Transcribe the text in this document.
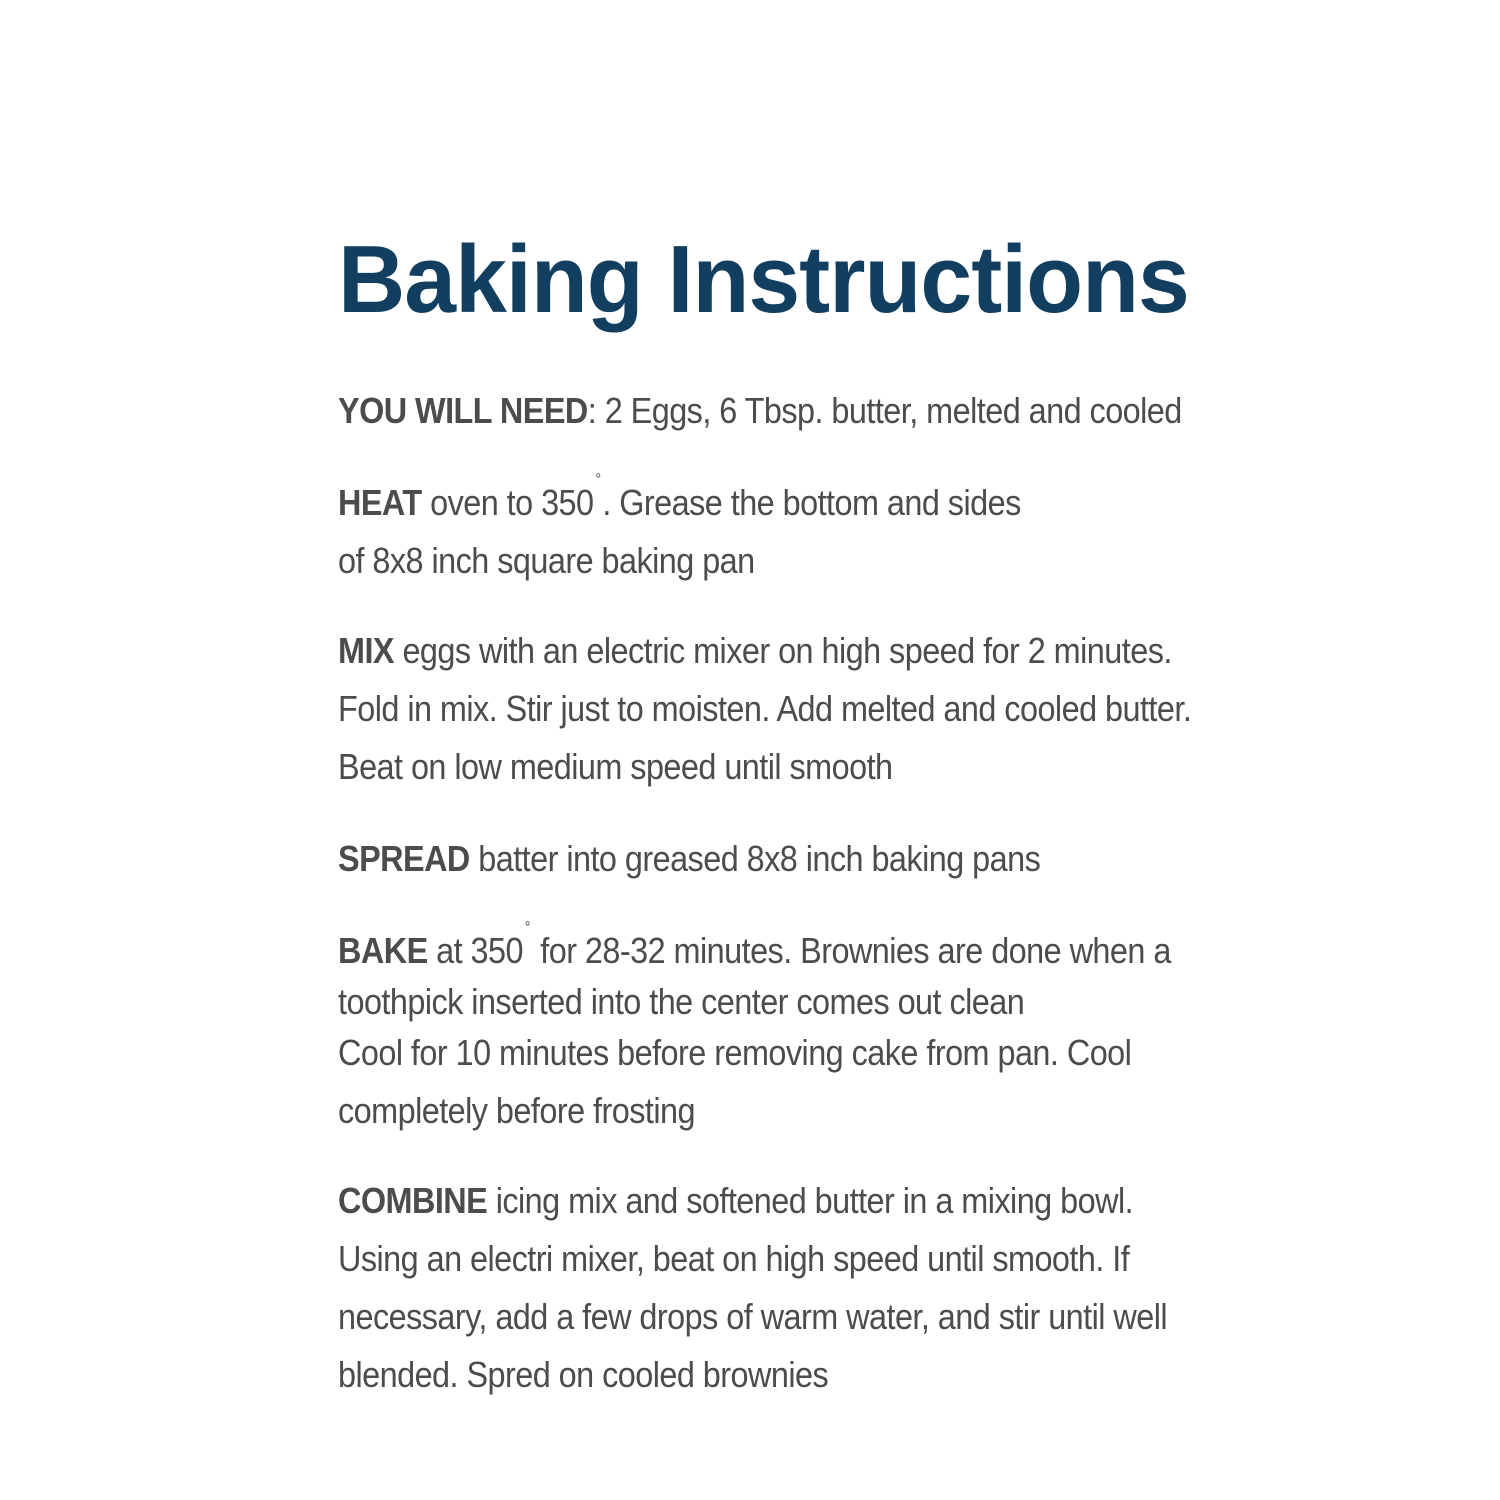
Baking Instructions
YOU WILL NEED: 2 Eggs, 6 Tbsp. butter, melted and cooled
HEAT oven to 350°. Grease the bottom and sides
of 8x8 inch square baking pan
MIX eggs with an electric mixer on high speed for 2 minutes.
Fold in mix. Stir just to moisten. Add melted and cooled butter.
Beat on low medium speed until smooth
SPREAD batter into greased 8x8 inch baking pans
BAKE at 350° for 28-32 minutes. Brownies are done when a
toothpick inserted into the center comes out clean
Cool for 10 minutes before removing cake from pan. Cool
completely before frosting
COMBINE icing mix and softened butter in a mixing bowl.
Using an electri mixer, beat on high speed until smooth. If
necessary, add a few drops of warm water, and stir until well
blended. Spred on cooled brownies
